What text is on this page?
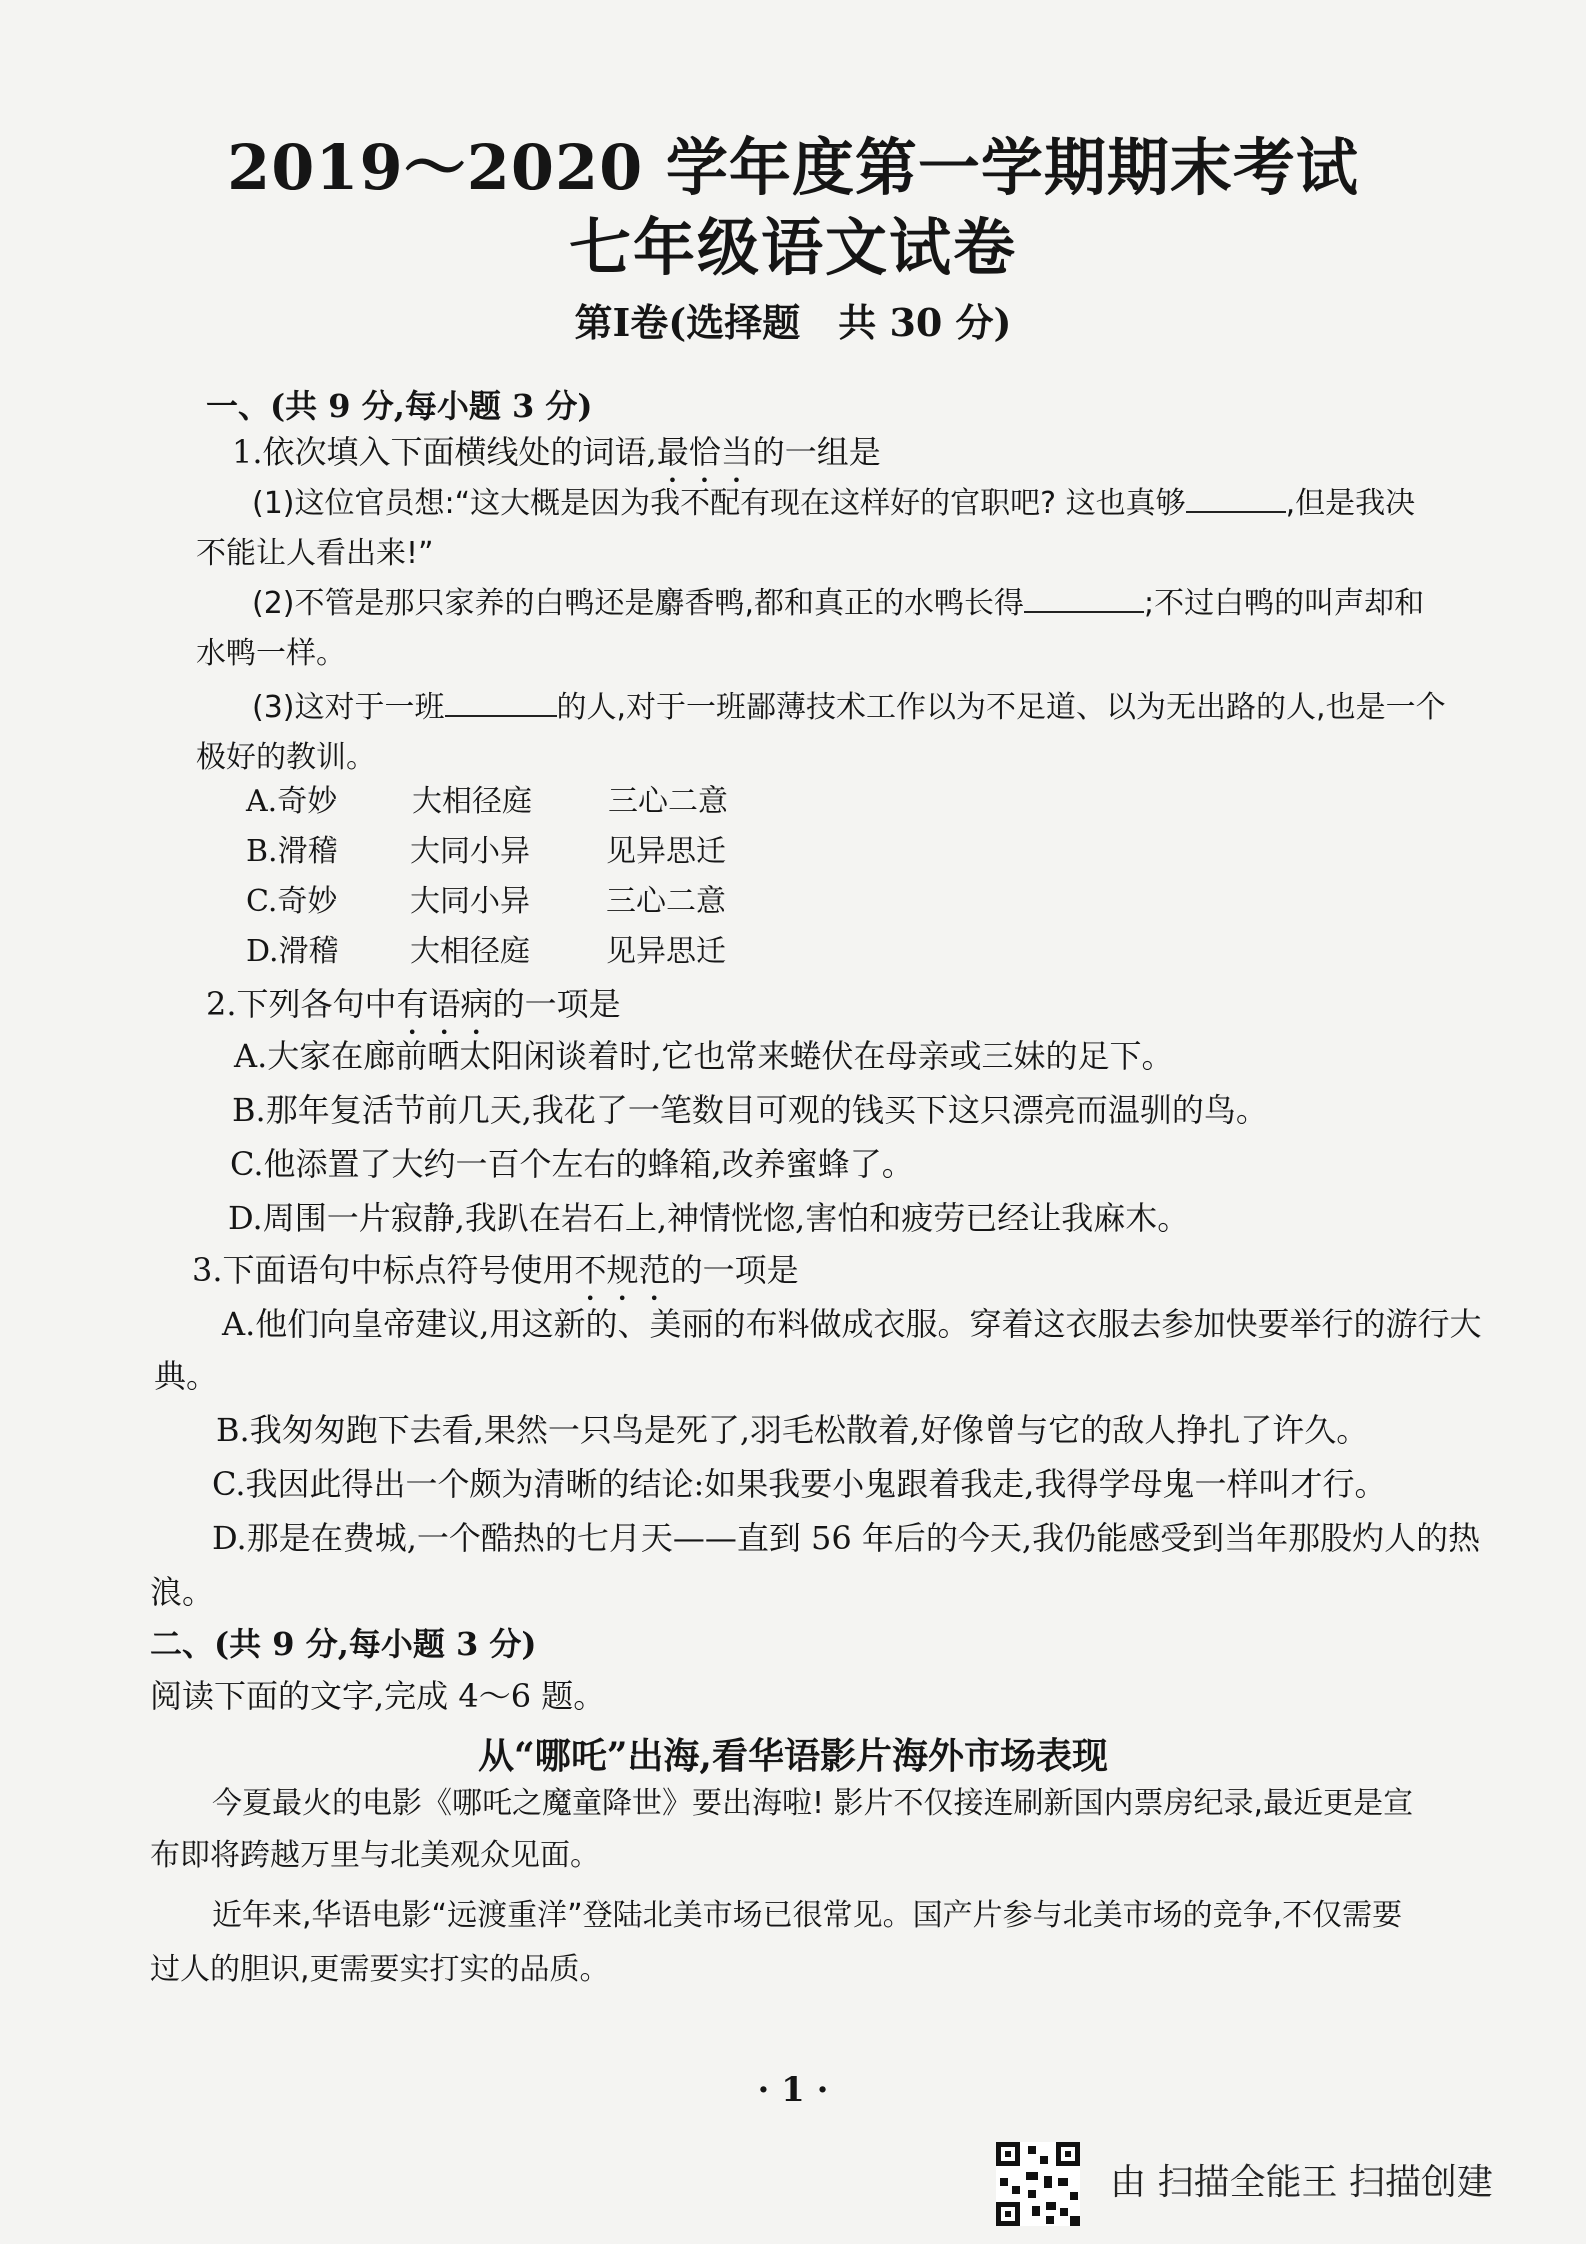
2019～2020 学年度第一学期期末考试
七年级语文试卷
第Ⅰ卷(选择题　共 30 分)
一、(共 9 分,每小题 3 分)
1.依次填入下面横线处的词语,最恰当的一组是
(1)这位官员想:“这大概是因为我不配有现在这样好的官职吧? 这也真够	,但是我决
不能让人看出来!”
(2)不管是那只家养的白鸭还是麝香鸭,都和真正的水鸭长得	;不过白鸭的叫声却和
水鸭一样。
(3)这对于一班	的人,对于一班鄙薄技术工作以为不足道、以为无出路的人,也是一个
极好的教训。
A.奇妙 大相径庭	三心二意
B.滑稽 大同小异	见异思迁
C.奇妙 大同小异	三心二意
D.滑稽 大相径庭	见异思迁
2.下列各句中有语病的一项是
A.大家在廊前晒太阳闲谈着时,它也常来蜷伏在母亲或三妹的足下。
B.那年复活节前几天,我花了一笔数目可观的钱买下这只漂亮而温驯的鸟。
C.他添置了大约一百个左右的蜂箱,改养蜜蜂了。
D.周围一片寂静,我趴在岩石上,神情恍惚,害怕和疲劳已经让我麻木。
3.下面语句中标点符号使用不规范的一项是
A.他们向皇帝建议,用这新的、美丽的布料做成衣服。穿着这衣服去参加快要举行的游行大
典。
B.我匆匆跑下去看,果然一只鸟是死了,羽毛松散着,好像曾与它的敌人挣扎了许久。
C.我因此得出一个颇为清晰的结论:如果我要小鬼跟着我走,我得学母鬼一样叫才行。
D.那是在费城,一个酷热的七月天——直到 56 年后的今天,我仍能感受到当年那股灼人的热
浪。
二、(共 9 分,每小题 3 分)
阅读下面的文字,完成 4～6 题。
从“哪吒”出海,看华语影片海外市场表现
今夏最火的电影《哪吒之魔童降世》要出海啦! 影片不仅接连刷新国内票房纪录,最近更是宣
布即将跨越万里与北美观众见面。
近年来,华语电影“远渡重洋”登陆北美市场已很常见。国产片参与北美市场的竞争,不仅需要
过人的胆识,更需要实打实的品质。
· 1 ·
由 扫描全能王 扫描创建
